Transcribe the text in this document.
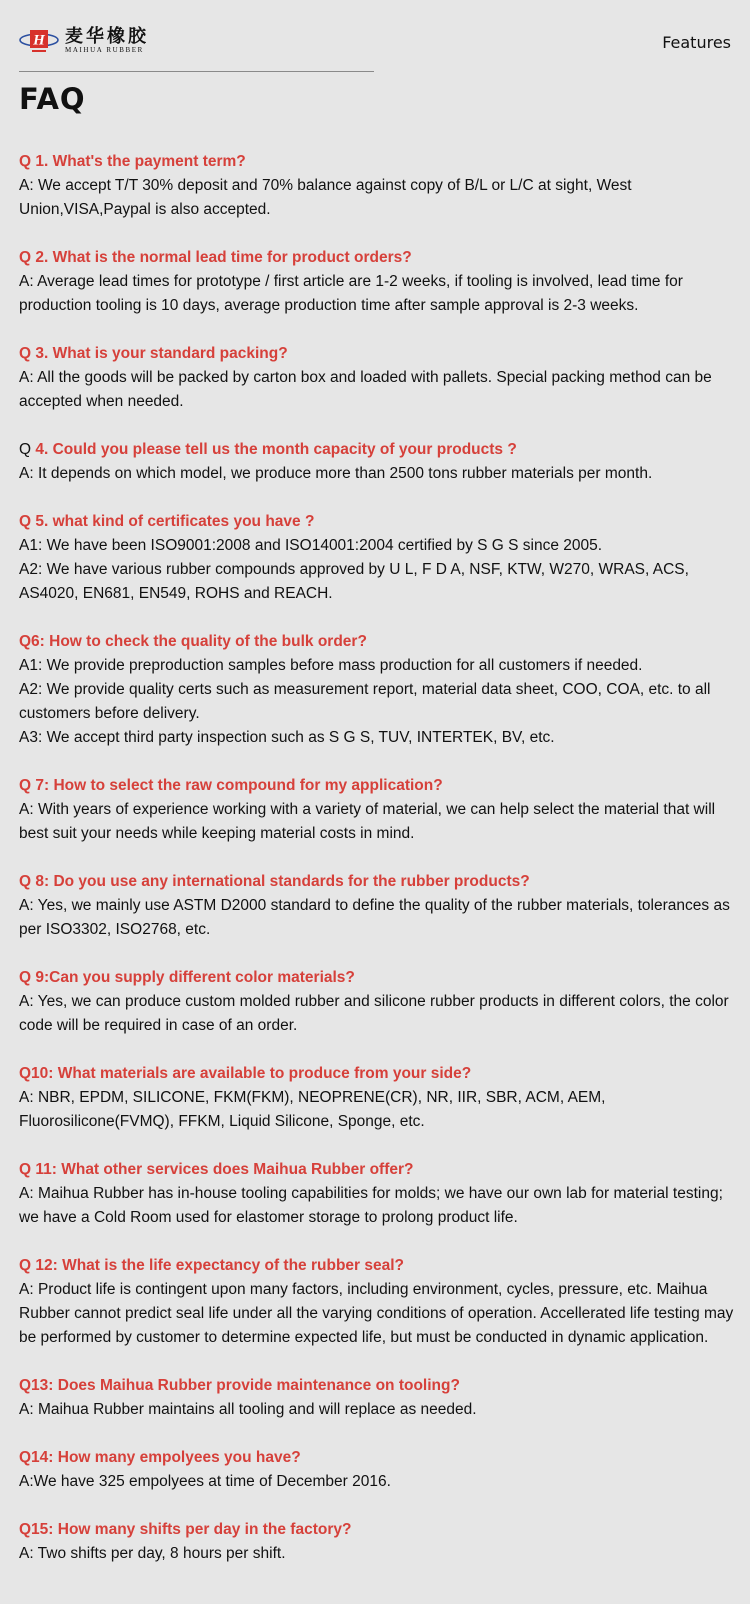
H 麦华橡胶
MAIHUA RUBBER	Features
FAQ

Q 1. What's the payment term?

A: We accept T/T 30% deposit and 70% balance against copy of B/L or L/C at sight, West Union,VISA,Paypal is also accepted.

Q 2. What is the normal lead time for product orders?

A: Average lead times for prototype / first article are 1-2 weeks, if tooling is involved, lead time for production tooling is 10 days, average production time after sample approval is 2-3 weeks.

Q 3. What is your standard packing?

A: All the goods will be packed by carton box and loaded with pallets. Special packing method can be accepted when needed.

Q 4. Could you please tell us the month capacity of your products ?

A: It depends on which model, we produce more than 2500 tons rubber materials per month.

Q 5. what kind of certificates you have ?

A1: We have been ISO9001:2008 and ISO14001:2004 certified by S G S since 2005.

A2: We have various rubber compounds approved by U L, F D A, NSF, KTW, W270, WRAS, ACS, AS4020, EN681, EN549, ROHS and REACH.

Q6: How to check the quality of the bulk order?

A1: We provide preproduction samples before mass production for all customers if needed.

A2: We provide quality certs such as measurement report, material data sheet, COO, COA, etc. to all customers before delivery.

A3: We accept third party inspection such as S G S, TUV, INTERTEK, BV, etc.

Q 7: How to select the raw compound for my application?

A: With years of experience working with a variety of material, we can help select the material that will best suit your needs while keeping material costs in mind.

Q 8: Do you use any international standards for the rubber products?

A: Yes, we mainly use ASTM D2000 standard to define the quality of the rubber materials, tolerances as per ISO3302, ISO2768, etc.

Q 9:Can you supply different color materials?

A: Yes, we can produce custom molded rubber and silicone rubber products in different colors, the color code will be required in case of an order.

Q10: What materials are available to produce from your side?

A: NBR, EPDM, SILICONE, FKM(FKM), NEOPRENE(CR), NR, IIR, SBR, ACM, AEM, Fluorosilicone(FVMQ), FFKM, Liquid Silicone, Sponge, etc.

Q 11: What other services does Maihua Rubber offer?

A: Maihua Rubber has in-house tooling capabilities for molds; we have our own lab for material testing; we have a Cold Room used for elastomer storage to prolong product life.

Q 12: What is the life expectancy of the rubber seal?

A: Product life is contingent upon many factors, including environment, cycles, pressure, etc. Maihua Rubber cannot predict seal life under all the varying conditions of operation. Accellerated life testing may be performed by customer to determine expected life, but must be conducted in dynamic application.

Q13: Does Maihua Rubber provide maintenance on tooling?

A: Maihua Rubber maintains all tooling and will replace as needed.

Q14: How many empolyees you have?

A:We have 325 empolyees at time of December 2016.

Q15: How many shifts per day in the factory?

A: Two shifts per day, 8 hours per shift.
